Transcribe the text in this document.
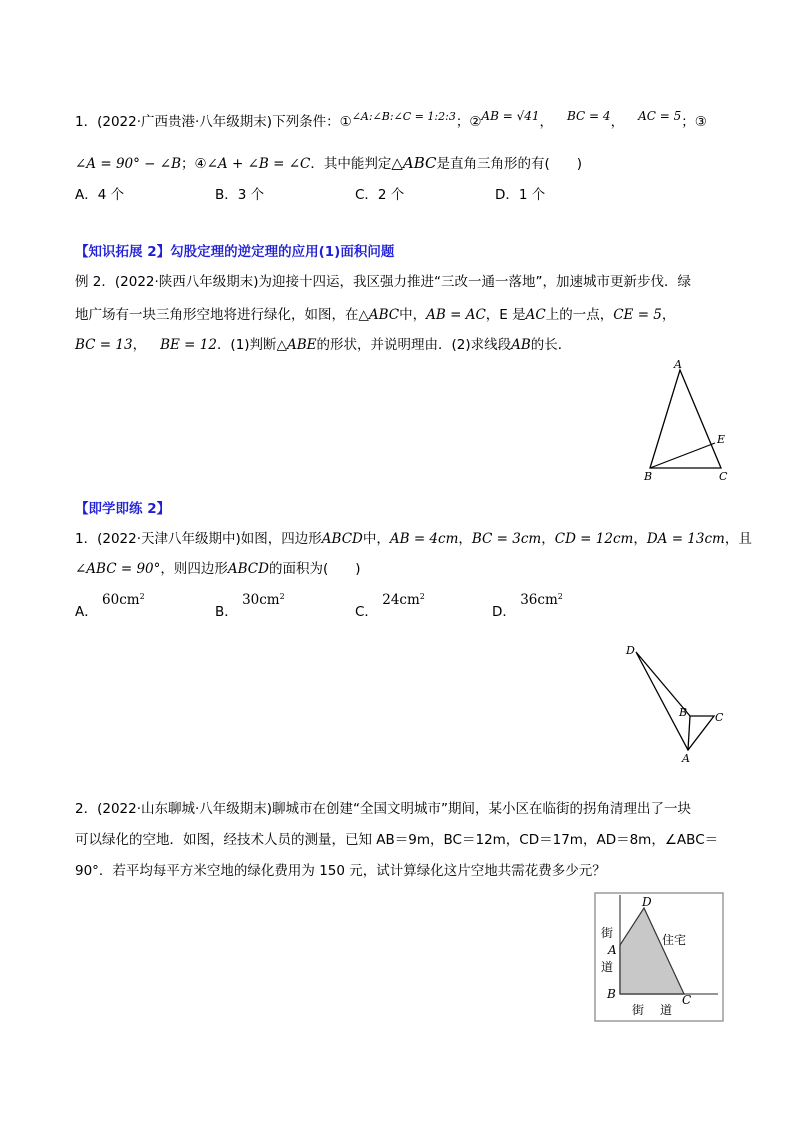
1．(2022·广西贵港·八年级期末)下列条件：①$^{\angle A:\angle B:\angle C = 1:2:3}$；②AB = √41， BC = 4， AC = 5；③
∠A = 90° − ∠B；④∠A + ∠B = ∠C．其中能判定△ABC是直角三角形的有(　　)
A．4 个	B．3 个	C．2 个	D．1 个
【知识拓展 2】勾股定理的逆定理的应用(1)面积问题
例 2．(2022·陕西八年级期末)为迎接十四运，我区强力推进“三改一通一落地”，加速城市更新步伐．绿
地广场有一块三角形空地将进行绿化，如图，在△ABC中，AB = AC，E 是AC上的一点，CE = 5，
BC = 13， BE = 12．(1)判断△ABE的形状，并说明理由．(2)求线段AB的长．
A
E
B	C
【即学即练 2】
1．(2022·天津八年级期中)如图，四边形ABCD中，AB = 4cm，BC = 3cm，CD = 12cm，DA = 13cm，且
∠ABC = 90°，则四边形ABCD的面积为(　　)
A． $60cm^2$
B． $30cm^2$
C． $24cm^2$
D． $36cm^2$
D
B	C
A
2．(2022·山东聊城·八年级期末)聊城市在创建“全国文明城市”期间，某小区在临街的拐角清理出了一块
可以绿化的空地．如图，经技术人员的测量，已知 AB＝9m，BC＝12m，CD＝17m，AD＝8m，∠ABC＝
90°．若平均每平方米空地的绿化费用为 150 元，试计算绿化这片空地共需花费多少元？
D
A
B	C
街
道
住宅
街 道
